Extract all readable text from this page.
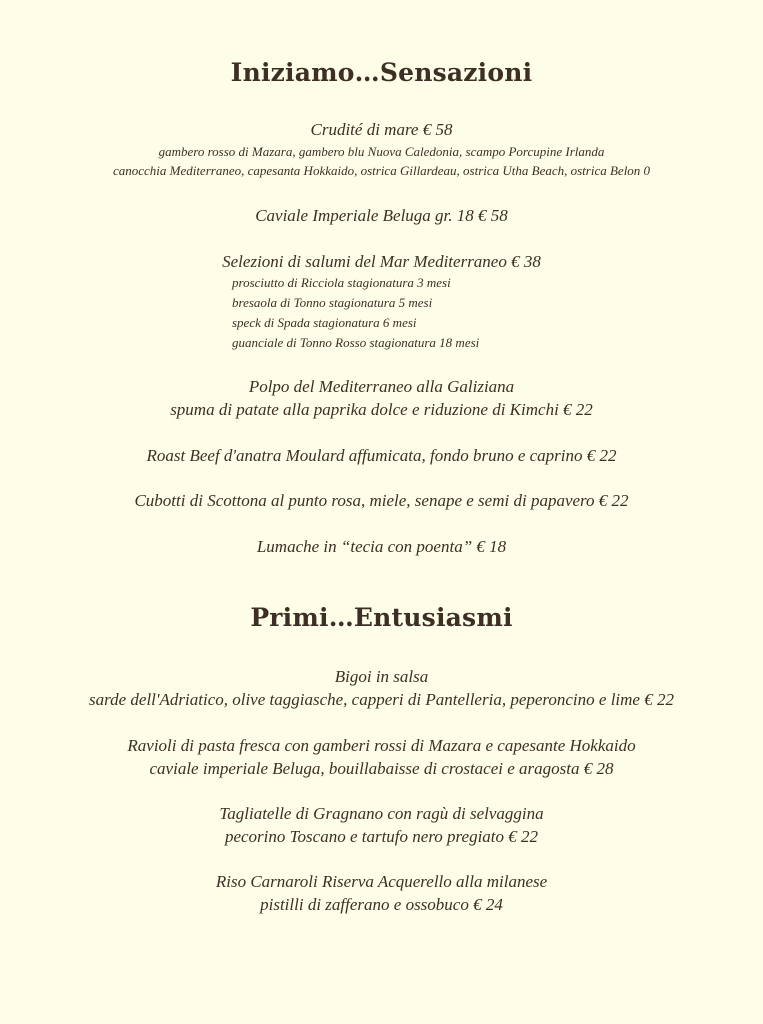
Iniziamo…Sensazioni

Crudité di mare € 58

gambero rosso di Mazara, gambero blu Nuova Caledonia, scampo Porcupine Irlanda

canocchia Mediterraneo, capesanta Hokkaido, ostrica Gillardeau, ostrica Utha Beach, ostrica Belon 0

Caviale Imperiale Beluga gr. 18 € 58

Selezioni di salumi del Mar Mediterraneo € 38

prosciutto di Ricciola stagionatura 3 mesi

bresaola di Tonno stagionatura 5 mesi

speck di Spada stagionatura 6 mesi

guanciale di Tonno Rosso stagionatura 18 mesi

Polpo del Mediterraneo alla Galiziana

spuma di patate alla paprika dolce e riduzione di Kimchi € 22

Roast Beef d'anatra Moulard affumicata, fondo bruno e caprino € 22

Cubotti di Scottona al punto rosa, miele, senape e semi di papavero € 22

Lumache in “tecia con poenta” € 18

Primi…Entusiasmi

Bigoi in salsa

sarde dell'Adriatico, olive taggiasche, capperi di Pantelleria, peperoncino e lime € 22

Ravioli di pasta fresca con gamberi rossi di Mazara e capesante Hokkaido

caviale imperiale Beluga, bouillabaisse di crostacei e aragosta € 28

Tagliatelle di Gragnano con ragù di selvaggina

pecorino Toscano e tartufo nero pregiato € 22

Riso Carnaroli Riserva Acquerello alla milanese

pistilli di zafferano e ossobuco € 24
